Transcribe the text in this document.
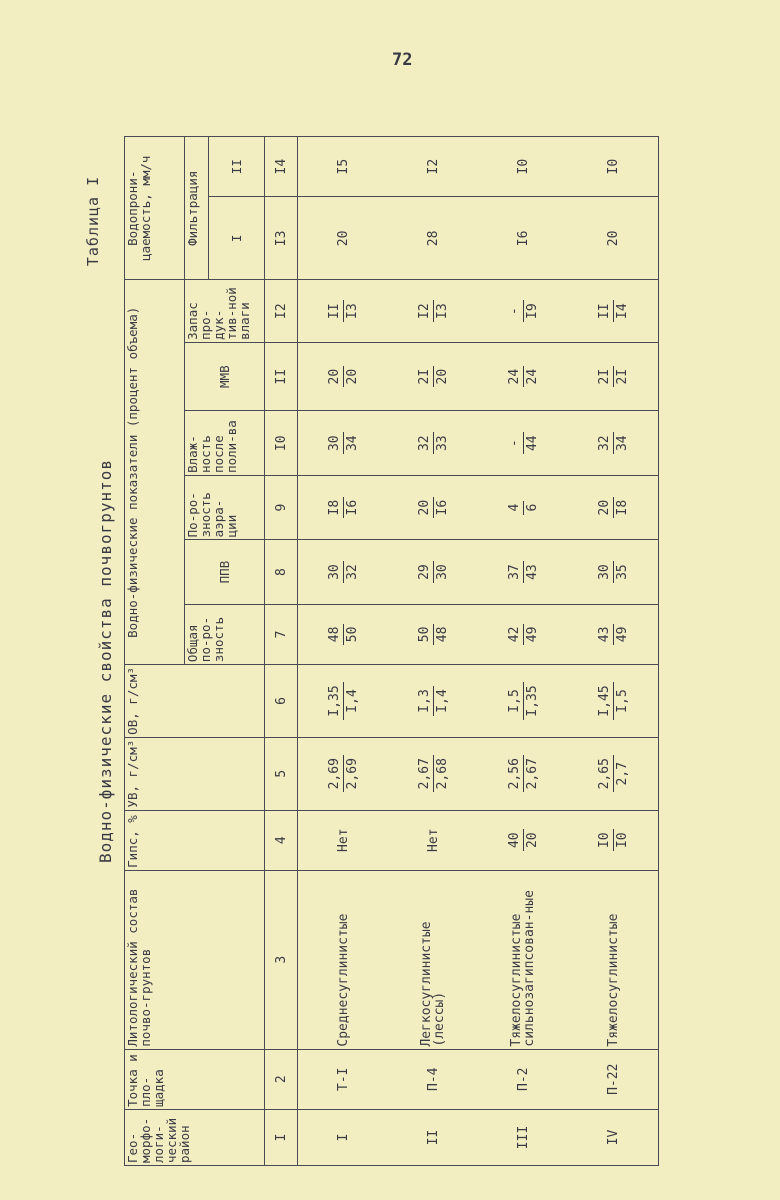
72
Таблица I
Водно-физические свойства почвогрунтов
Гео-морфо-логи-ческий район	Точка и пло-щадка	Литологический состав почво-грунтов	Гипс, %	УВ, г/см³	ОВ, г/см³	Водно-физические показатели (процент объема)						Водопрони-цаемость, мм/ч	
						Общая по-ро-зность	ППВ	По-ро-зность аэра-ции	Влаж-ность после поли-ва	ММВ	Запас про-дук-тив-ной влаги	Фильтрация	
												I	II
I	2	3	4	5	6	7	8	9	I0	II	I2	I3	I4
I	Т-I	Среднесуглинистые	Нет	2,69 2,69	I,35 I,4	48 50	30 32	I8 I6	30 34	20 20	II I3	20	I5
II	П-4	Легкосуглинистые (лессы)	Нет	2,67 2,68	I,3 I,4	50 48	29 30	20 I6	32 33	2I 20	I2 I3	28	I2
III	П-2	Тяжелосуглинистые сильнозагипсован-ные	40 20	2,56 2,67	I,5 I,35	42 49	37 43	4 6	- 44	24 24	- I9	I6	I0
IV	П-22	Тяжелосуглинистые	I0 I0	2,65 2,7	I,45 I,5	43 49	30 35	20 I8	32 34	2I 2I	II I4	20	I0
